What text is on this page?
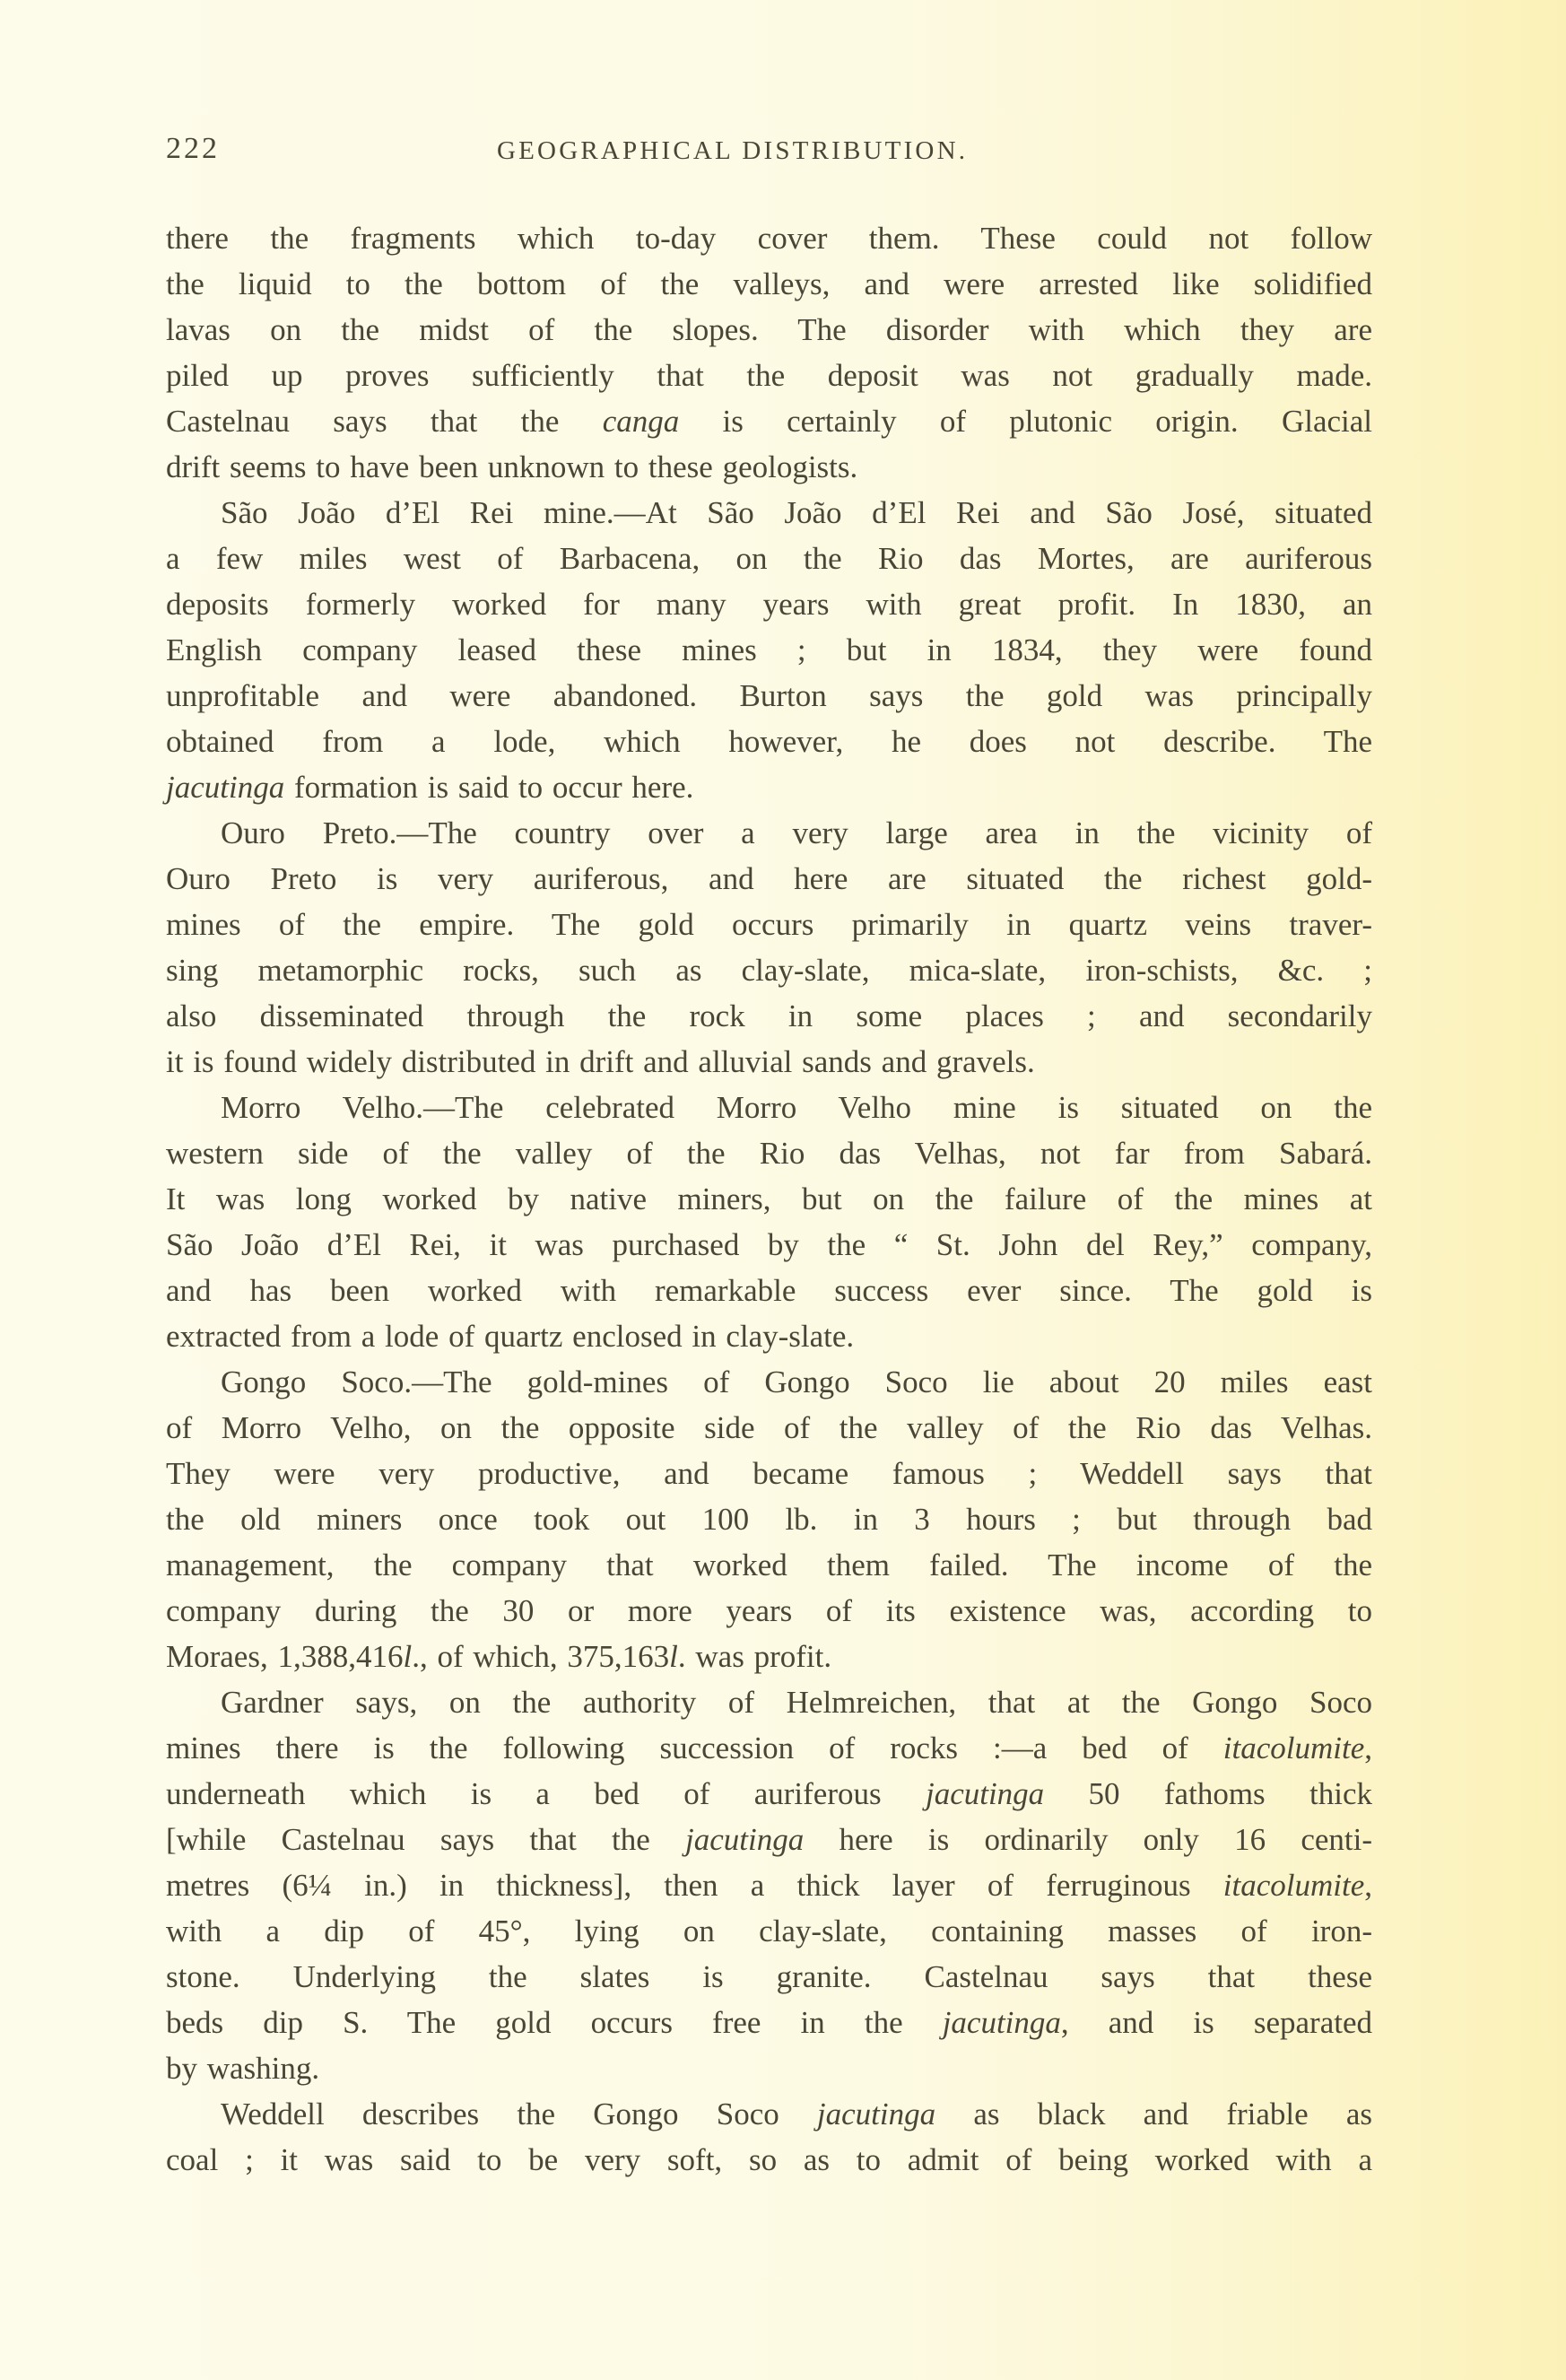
222	GEOGRAPHICAL DISTRIBUTION.
there the fragments which to-day cover them. These could not follow
the liquid to the bottom of the valleys, and were arrested like solidified
lavas on the midst of the slopes. The disorder with which they are
piled up proves sufficiently that the deposit was not gradually made.
Castelnau says that the canga is certainly of plutonic origin. Glacial
drift seems to have been unknown to these geologists.
São João d’El Rei mine.—At São João d’El Rei and São José, situated
a few miles west of Barbacena, on the Rio das Mortes, are auriferous
deposits formerly worked for many years with great profit. In 1830, an
English company leased these mines ; but in 1834, they were found
unprofitable and were abandoned. Burton says the gold was principally
obtained from a lode, which however, he does not describe. The
jacutinga formation is said to occur here.
Ouro Preto.—The country over a very large area in the vicinity of
Ouro Preto is very auriferous, and here are situated the richest gold-
mines of the empire. The gold occurs primarily in quartz veins traver-
sing metamorphic rocks, such as clay-slate, mica-slate, iron-schists, &c. ;
also disseminated through the rock in some places ; and secondarily
it is found widely distributed in drift and alluvial sands and gravels.
Morro Velho.—The celebrated Morro Velho mine is situated on the
western side of the valley of the Rio das Velhas, not far from Sabará.
It was long worked by native miners, but on the failure of the mines at
São João d’El Rei, it was purchased by the “ St. John del Rey,” company,
and has been worked with remarkable success ever since. The gold is
extracted from a lode of quartz enclosed in clay-slate.
Gongo Soco.—The gold-mines of Gongo Soco lie about 20 miles east
of Morro Velho, on the opposite side of the valley of the Rio das Velhas.
They were very productive, and became famous ; Weddell says that
the old miners once took out 100 lb. in 3 hours ; but through bad
management, the company that worked them failed. The income of the
company during the 30 or more years of its existence was, according to
Moraes, 1,388,416l., of which, 375,163l. was profit.
Gardner says, on the authority of Helmreichen, that at the Gongo Soco
mines there is the following succession of rocks :—a bed of itacolumite,
underneath which is a bed of auriferous jacutinga 50 fathoms thick
[while Castelnau says that the jacutinga here is ordinarily only 16 centi-
metres (6¼ in.) in thickness], then a thick layer of ferruginous itacolumite,
with a dip of 45°, lying on clay-slate, containing masses of iron-
stone. Underlying the slates is granite. Castelnau says that these
beds dip S. The gold occurs free in the jacutinga, and is separated
by washing.
Weddell describes the Gongo Soco jacutinga as black and friable as
coal ; it was said to be very soft, so as to admit of being worked with a
